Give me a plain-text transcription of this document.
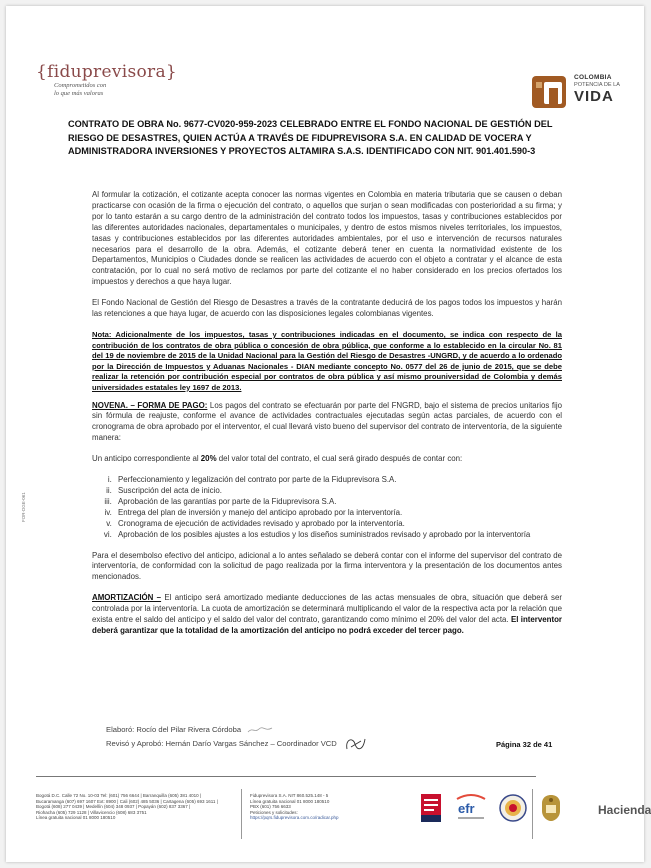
{fiduprevisora}
Comprometidos con
lo que más valoras
COLOMBIA
POTENCIA DE LA
VIDA
CONTRATO DE OBRA No. 9677-CV020-959-2023 CELEBRADO ENTRE EL FONDO NACIONAL DE GESTIÓN DEL RIESGO DE DESASTRES, QUIEN ACTÚA A TRAVÉS DE FIDUPREVISORA S.A. EN CALIDAD DE VOCERA Y ADMINISTRADORA INVERSIONES Y PROYECTOS ALTAMIRA S.A.S. IDENTIFICADO CON NIT. 901.401.590-3
FOR-DGE-061

Al formular la cotización, el cotizante acepta conocer las normas vigentes en Colombia en materia tributaria que se causen o deban practicarse con ocasión de la firma o ejecución del contrato, o aquellos que surjan o sean modificadas con posterioridad a su firma; y por lo tanto estarán a su cargo dentro de la administración del contrato todos los impuestos, tasas y contribuciones establecidos por las diferentes autoridades nacionales, departamentales o municipales, y dentro de estos mismos niveles territoriales, los impuestos, tasas y contribuciones establecidos por las diferentes autoridades ambientales, por el uso e intervención de recursos naturales necesarios para el desarrollo de la obra. Además, el cotizante deberá tener en cuenta la normatividad existente de los Departamentos, Municipios o Ciudades donde se realicen las actividades de acuerdo con el objeto a contratar y el alcance de esta contratación, por lo cual no será motivo de reclamos por parte del cotizante el no haber considerado en los precios ofertados los impuestos y derechos a que haya lugar.

El Fondo Nacional de Gestión del Riesgo de Desastres a través de la contratante deducirá de los pagos todos los impuestos y harán las retenciones a que haya lugar, de acuerdo con las disposiciones legales colombianas vigentes.

Nota: Adicionalmente de los impuestos, tasas y contribuciones indicadas en el documento, se indica con respecto de la contribución de los contratos de obra pública o concesión de obra pública, que conforme a lo establecido en la circular No. 81 del 19 de noviembre de 2015 de la Unidad Nacional para la Gestión del Riesgo de Desastres -UNGRD, y de acuerdo a lo ordenado por la Dirección de Impuestos y Aduanas Nacionales - DIAN mediante concepto No. 0577 del 26 de junio de 2015, que se debe realizar la retención por contribución especial por contratos de obra pública y así mismo prouniversidad de Colombia y demás universidades estatales ley 1697 de 2013.

NOVENA. – FORMA DE PAGO: Los pagos del contrato se efectuarán por parte del FNGRD, bajo el sistema de precios unitarios fijo sin fórmula de reajuste, conforme el avance de actividades contractuales ejecutadas según actas parciales, de acuerdo con el cronograma de obra aprobado por el interventor, el cual llevará visto bueno del supervisor del contrato de interventoría, de la siguiente manera:

Un anticipo correspondiente al 20% del valor total del contrato, el cual será girado después de contar con:

i. Perfeccionamiento y legalización del contrato por parte de la Fiduprevisora S.A.
ii. Suscripción del acta de inicio.
iii. Aprobación de las garantías por parte de la Fiduprevisora S.A.
iv. Entrega del plan de inversión y manejo del anticipo aprobado por la interventoría.
v. Cronograma de ejecución de actividades revisado y aprobado por la interventoría.
vi. Aprobación de los posibles ajustes a los estudios y los diseños suministrados revisado y aprobado por la interventoría

Para el desembolso efectivo del anticipo, adicional a lo antes señalado se deberá contar con el informe del supervisor del contrato de interventoría, de conformidad con la solicitud de pago realizada por la firma interventora y la presentación de los documentos antes mencionados.

AMORTIZACIÓN – El anticipo será amortizado mediante deducciones de las actas mensuales de obra, situación que deberá ser controlada por la interventoría. La cuota de amortización se determinará multiplicando el valor de la respectiva acta por la relación que exista entre el saldo del anticipo y el saldo del valor del contrato, garantizando como mínimo el 20% del valor del acta. El interventor deberá garantizar que la totalidad de la amortización del anticipo no podrá exceder del tercer pago.

Elaboró: Rocío del Pilar Rivera Córdoba
Revisó y Aprobó: Hernán Darío Vargas Sánchez – Coordinador VCD	Página 32 de 41
Bogotá D.C. Calle 72 No. 10-03 Tel: (601) 756 6644 | Barranquilla (605) 381 4010 |
Bucaramanga (607) 697 1607 Ext: 8900 | Cali (602) 485 5036 | Cartagena (605) 693 1611 |
Bogotá (608) 277 0439 | Medellín (604) 348 0937 | Popayán (602) 837 3367 |
Riohacha (605) 729 1128 | Villavicencio (608) 683 3751
Línea gratuita nacional 01 8000 180510
Fiduprevisora S.A. NIT 860.525.148 - 5
Línea gratuita nacional 01 8000 180510
PBX (601) 756 6633
Peticiones y solicitudes:
https://pqrs.fiduprevisora.com.co/radicar.php
efr	Hacienda
